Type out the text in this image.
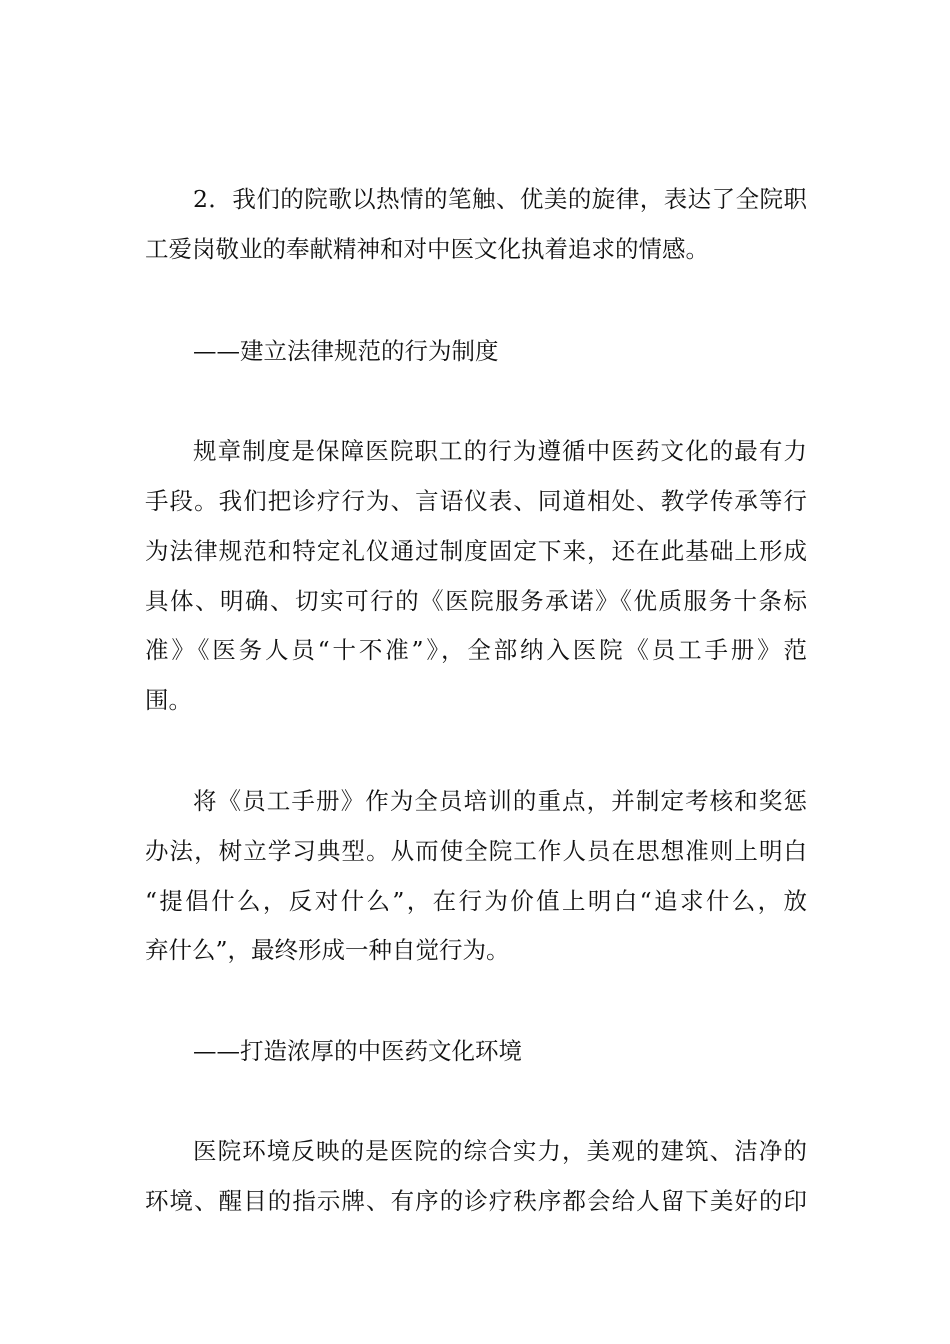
2．我们的院歌以热情的笔触、优美的旋律，表达了全院职
工爱岗敬业的奉献精神和对中医文化执着追求的情感。
——建立法律规范的行为制度
规章制度是保障医院职工的行为遵循中医药文化的最有力
手段。我们把诊疗行为、言语仪表、同道相处、教学传承等行
为法律规范和特定礼仪通过制度固定下来，还在此基础上形成
具体、明确、切实可行的《医院服务承诺》《优质服务十条标
准》《医务人员“十不准”》，全部纳入医院《员工手册》范
围。
将《员工手册》作为全员培训的重点，并制定考核和奖惩
办法，树立学习典型。从而使全院工作人员在思想准则上明白
“提倡什么，反对什么”，在行为价值上明白“追求什么，放
弃什么”，最终形成一种自觉行为。
——打造浓厚的中医药文化环境
医院环境反映的是医院的综合实力，美观的建筑、洁净的
环境、醒目的指示牌、有序的诊疗秩序都会给人留下美好的印
